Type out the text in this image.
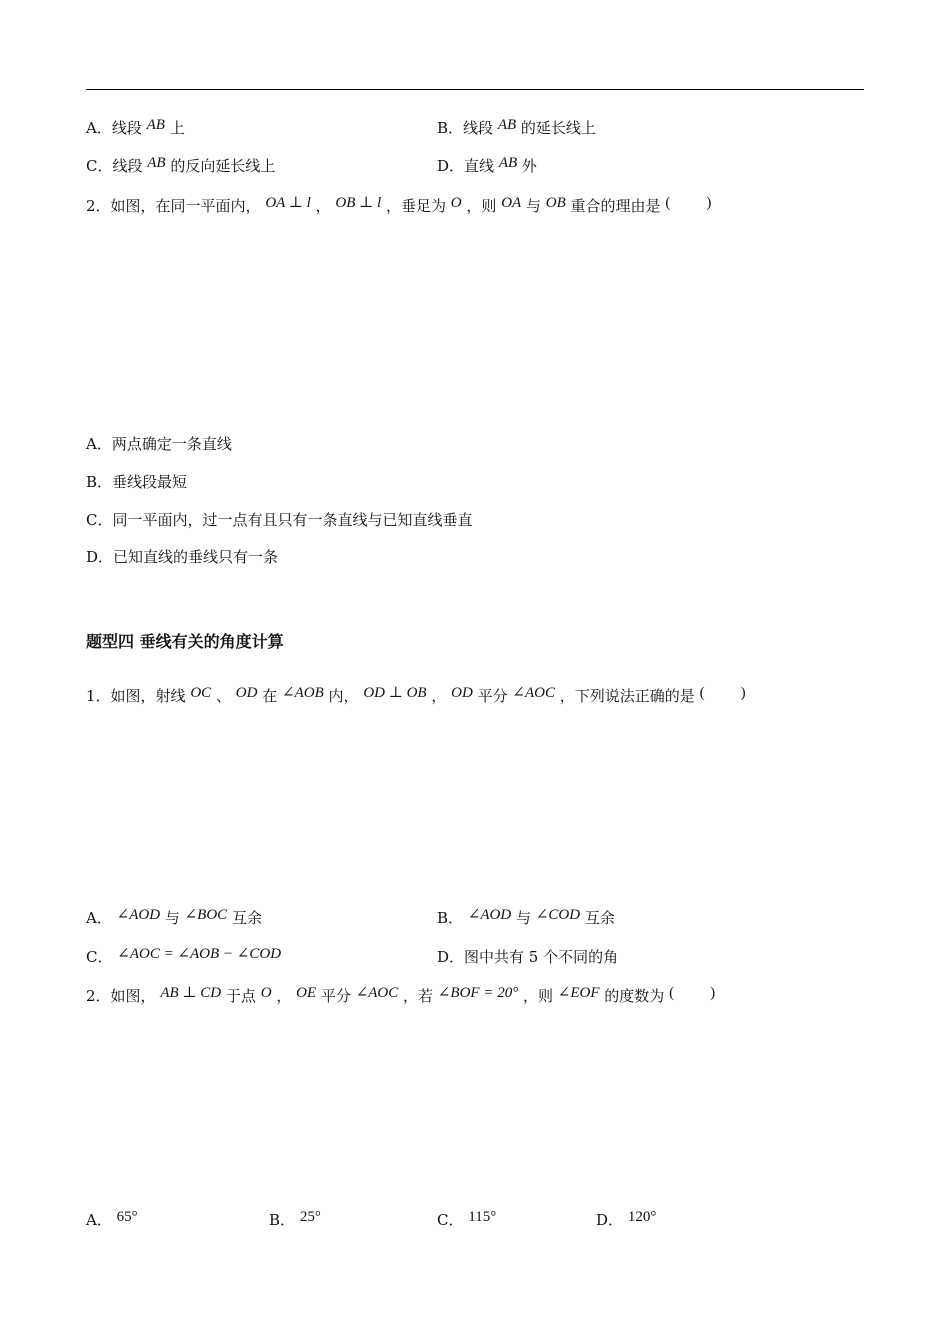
A．线段 AB 上	B．线段 AB 的延长线上
C．线段 AB 的反向延长线上	D．直线 AB 外
2．如图，在同一平面内， OA ⊥ l ， OB ⊥ l ，垂足为 O ，则 OA 与 OB 重合的理由是 ( )
A．两点确定一条直线
B．垂线段最短
C．同一平面内，过一点有且只有一条直线与已知直线垂直
D．已知直线的垂线只有一条
题型四 垂线有关的角度计算
1．如图，射线 OC 、 OD 在 ∠AOB 内， OD ⊥ OB ， OD 平分 ∠AOC ，下列说法正确的是 ( )
A． ∠AOD 与 ∠BOC 互余	B． ∠AOD 与 ∠COD 互余
C． ∠AOC = ∠AOB − ∠COD	D．图中共有 5 个不同的角
2．如图， AB ⊥ CD 于点 O ， OE 平分 ∠AOC ，若 ∠BOF = 20° ，则 ∠EOF 的度数为 ( )
A． 65°	B． 25°	C． 115°	D． 120°
